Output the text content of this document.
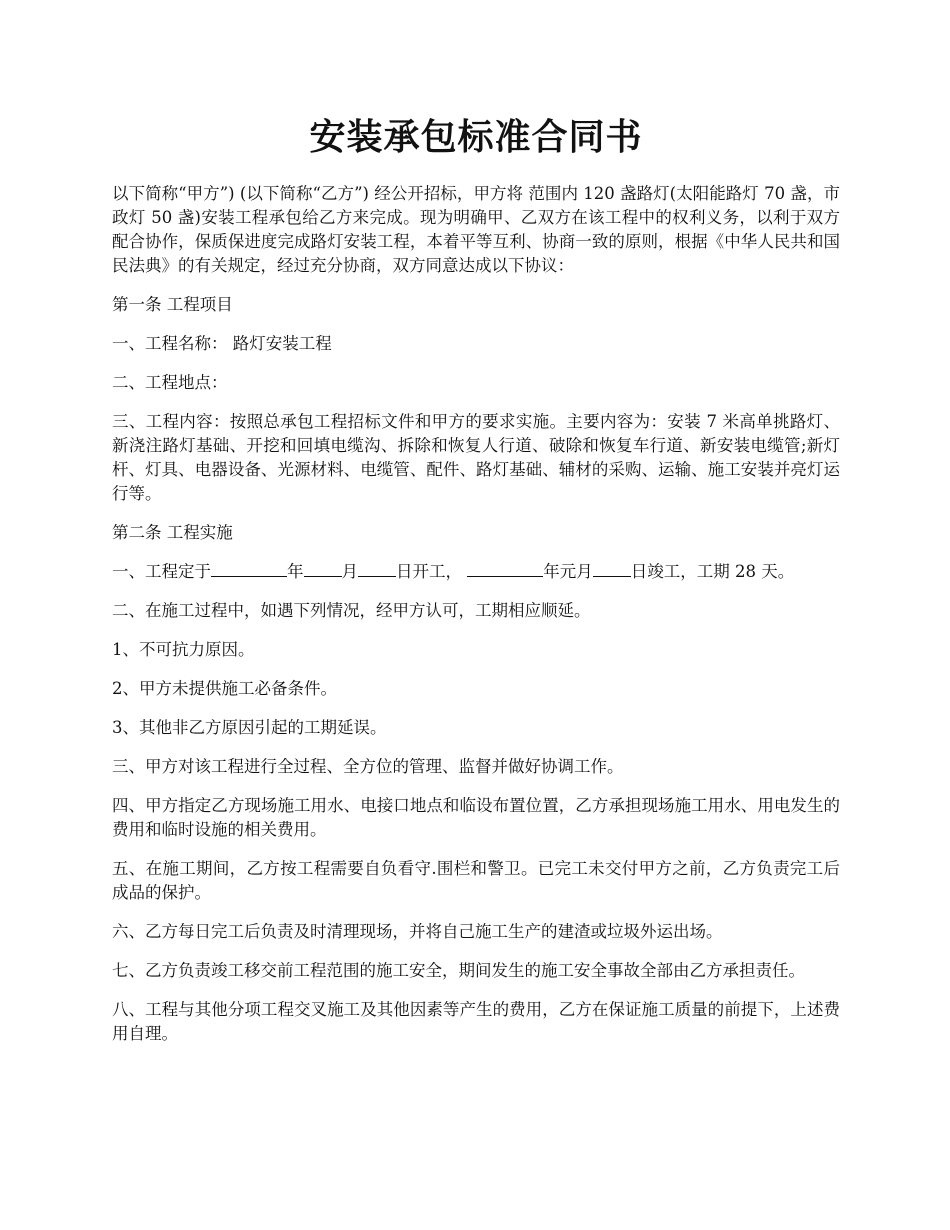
安装承包标准合同书

以下简称“甲方”) (以下简称“乙方”) 经公开招标，甲方将 范围内 120 盏路灯(太阳能路灯 70 盏，市政灯 50 盏)安装工程承包给乙方来完成。现为明确甲、乙双方在该工程中的权利义务，以利于双方配合协作，保质保进度完成路灯安装工程，本着平等互利、协商一致的原则，根据《中华人民共和国民法典》的有关规定，经过充分协商，双方同意达成以下协议：

第一条 工程项目

一、工程名称： 路灯安装工程

二、工程地点：

三、工程内容：按照总承包工程招标文件和甲方的要求实施。主要内容为：安装 7 米高单挑路灯、新浇注路灯基础、开挖和回填电缆沟、拆除和恢复人行道、破除和恢复车行道、新安装电缆管;新灯杆、灯具、电器设备、光源材料、电缆管、配件、路灯基础、辅材的采购、运输、施工安装并亮灯运行等。

第二条 工程实施

一、工程定于	年 月 日开工，	年元月 日竣工，工期 28 天。

二、在施工过程中，如遇下列情况，经甲方认可，工期相应顺延。

1、不可抗力原因。

2、甲方未提供施工必备条件。

3、其他非乙方原因引起的工期延误。

三、甲方对该工程进行全过程、全方位的管理、监督并做好协调工作。

四、甲方指定乙方现场施工用水、电接口地点和临设布置位置，乙方承担现场施工用水、用电发生的费用和临时设施的相关费用。

五、在施工期间，乙方按工程需要自负看守.围栏和警卫。已完工未交付甲方之前，乙方负责完工后成品的保护。

六、乙方每日完工后负责及时清理现场，并将自己施工生产的建渣或垃圾外运出场。

七、乙方负责竣工移交前工程范围的施工安全，期间发生的施工安全事故全部由乙方承担责任。

八、工程与其他分项工程交叉施工及其他因素等产生的费用，乙方在保证施工质量的前提下，上述费用自理。
